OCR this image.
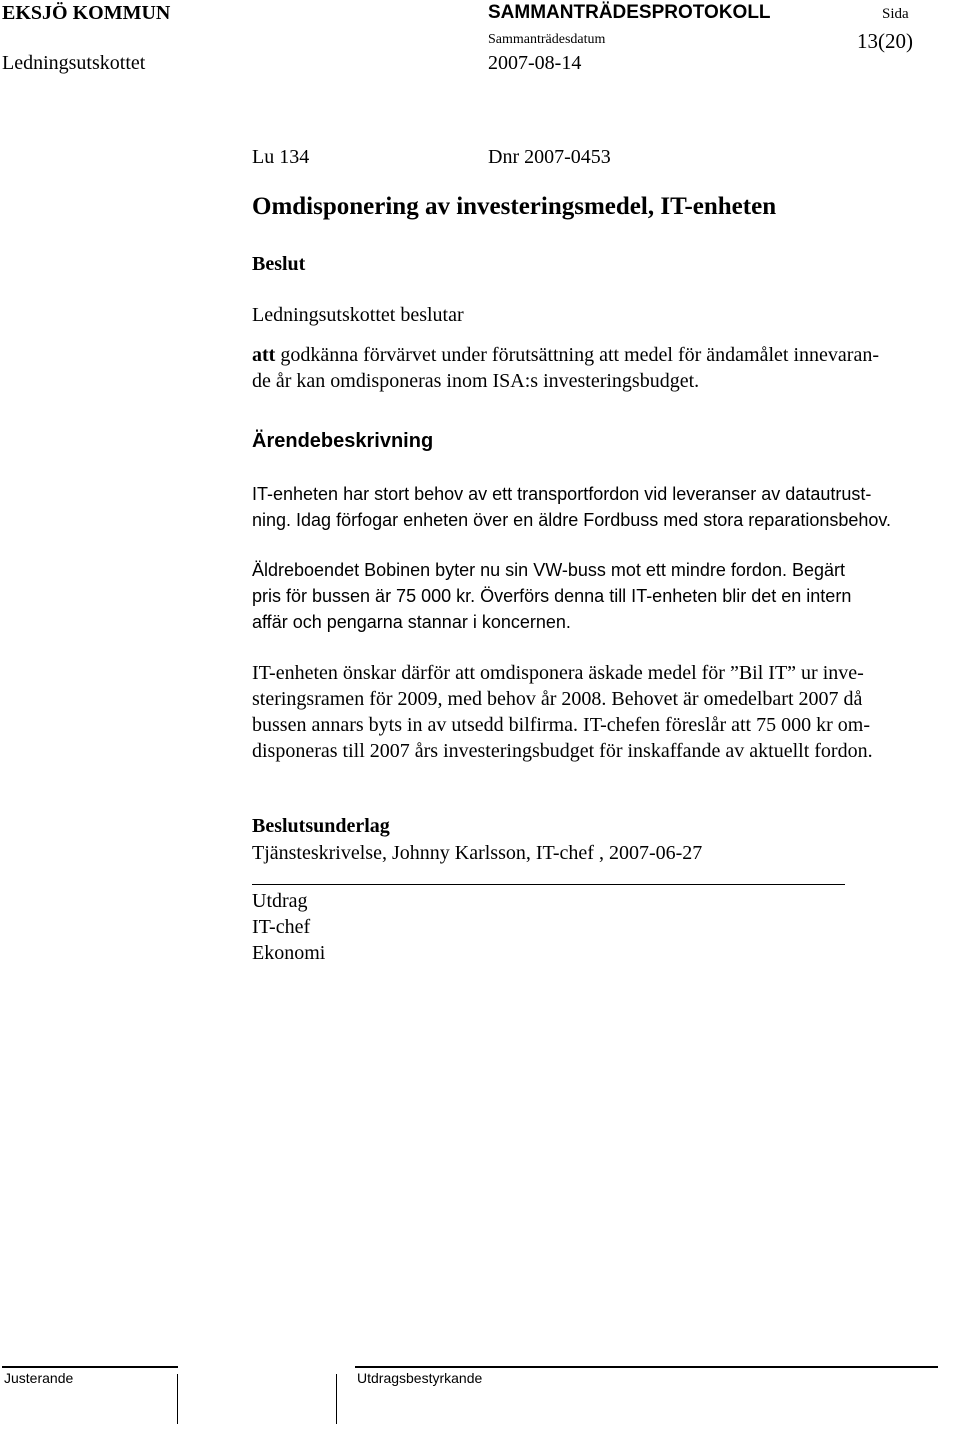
EKSJÖ KOMMUN	SAMMANTRÄDESPROTOKOLL	Sida
Sammanträdesdatum	13(20)
Ledningsutskottet	2007-08-14
Lu 134	Dnr 2007-0453
Omdisponering av investeringsmedel, IT-enheten
Beslut
Ledningsutskottet beslutar
att godkänna förvärvet under förutsättning att medel för ändamålet innevaran-
de år kan omdisponeras inom ISA:s investeringsbudget.
Ärendebeskrivning
IT-enheten har stort behov av ett transportfordon vid leveranser av datautrust-
ning. Idag förfogar enheten över en äldre Fordbuss med stora reparationsbehov.
Äldreboendet Bobinen byter nu sin VW-buss mot ett mindre fordon. Begärt
pris för bussen är 75 000 kr. Överförs denna till IT-enheten blir det en intern
affär och pengarna stannar i koncernen.
IT-enheten önskar därför att omdisponera äskade medel för ”Bil IT” ur inve-
steringsramen för 2009, med behov år 2008. Behovet är omedelbart 2007 då
bussen annars byts in av utsedd bilfirma. IT-chefen föreslår att 75 000 kr om-
disponeras till 2007 års investeringsbudget för inskaffande av aktuellt fordon.
Beslutsunderlag
Tjänsteskrivelse, Johnny Karlsson, IT-chef , 2007-06-27
Utdrag
IT-chef
Ekonomi
Justerande	Utdragsbestyrkande
